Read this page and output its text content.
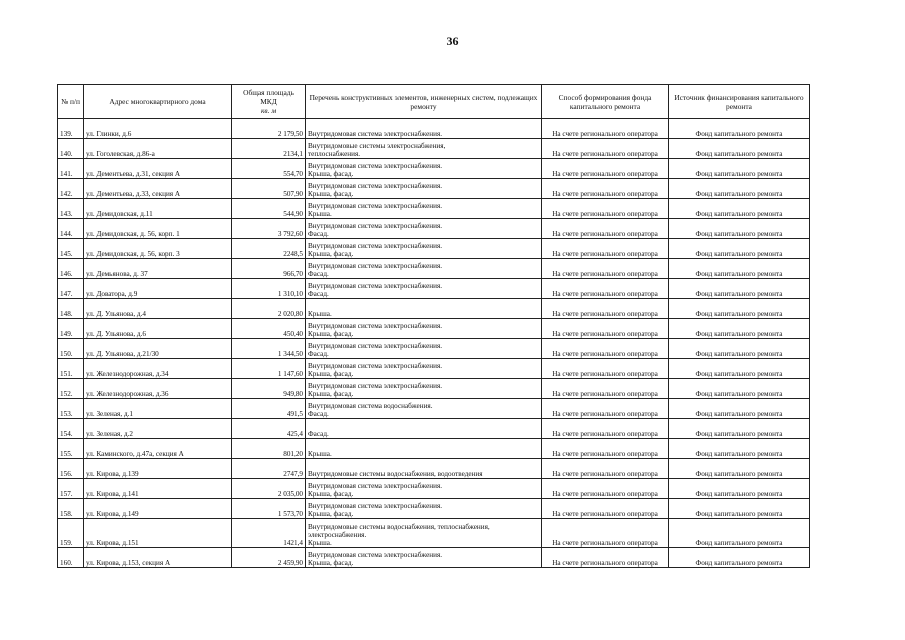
36
№ п/п	Адрес многоквартирного дома	Общая площадь МКД
кв. м	Перечень конструктивных элементов, инженерных систем, подлежащих ремонту	Способ формирования фонда капитального ремонта	Источник финансирования капитального ремонта
139.	ул. Глинки, д.6	2 179,50	Внутридомовая система электроснабжения.	На счете регионального оператора	Фонд капитального ремонта
140.	ул. Гоголевская, д.86-а	2134,1	Внутридомовые системы электроснабжения,
теплоснабжения.	На счете регионального оператора	Фонд капитального ремонта
141.	ул. Дементьева, д.31, секция А	554,70	Внутридомовая система электроснабжения.
Крыша, фасад.	На счете регионального оператора	Фонд капитального ремонта
142.	ул. Дементьева, д.33, секция А	507,90	Внутридомовая система электроснабжения.
Крыша, фасад.	На счете регионального оператора	Фонд капитального ремонта
143.	ул. Демидовская, д.11	544,90	Внутридомовая система электроснабжения.
Крыша.	На счете регионального оператора	Фонд капитального ремонта
144.	ул. Демидовская, д. 56, корп. 1	3 792,60	Внутридомовая система электроснабжения.
Фасад.	На счете регионального оператора	Фонд капитального ремонта
145.	ул. Демидовская, д. 56, корп. 3	2248,5	Внутридомовая система электроснабжения.
Крыша, фасад.	На счете регионального оператора	Фонд капитального ремонта
146.	ул. Демьянова, д. 37	966,70	Внутридомовая система электроснабжения.
Фасад.	На счете регионального оператора	Фонд капитального ремонта
147.	ул. Доватора, д.9	1 310,10	Внутридомовая система электроснабжения.
Фасад.	На счете регионального оператора	Фонд капитального ремонта
148.	ул. Д. Ульянова, д.4	2 020,80	Крыша.	На счете регионального оператора	Фонд капитального ремонта
149.	ул. Д. Ульянова, д.6	450,40	Внутридомовая система электроснабжения.
Крыша, фасад.	На счете регионального оператора	Фонд капитального ремонта
150.	ул. Д. Ульянова, д.21/30	1 344,50	Внутридомовая система электроснабжения.
Фасад.	На счете регионального оператора	Фонд капитального ремонта
151.	ул. Железнодорожная, д.34	1 147,60	Внутридомовая система электроснабжения.
Крыша, фасад.	На счете регионального оператора	Фонд капитального ремонта
152.	ул. Железнодорожная, д.36	949,80	Внутридомовая система электроснабжения.
Крыша, фасад.	На счете регионального оператора	Фонд капитального ремонта
153.	ул. Зеленая, д.1	491,5	Внутридомовая система водоснабжения.
Фасад.	На счете регионального оператора	Фонд капитального ремонта
154.	ул. Зеленая, д.2	425,4	Фасад.	На счете регионального оператора	Фонд капитального ремонта
155.	ул. Каминского, д.47а, секция А	801,20	Крыша.	На счете регионального оператора	Фонд капитального ремонта
156.	ул. Кирова, д.139	2747,9	Внутридомовые системы водоснабжения, водоотведения	На счете регионального оператора	Фонд капитального ремонта
157.	ул. Кирова, д.141	2 035,00	Внутридомовая система электроснабжения.
Крыша, фасад.	На счете регионального оператора	Фонд капитального ремонта
158.	ул. Кирова, д.149	1 573,70	Внутридомовая система электроснабжения.
Крыша, фасад.	На счете регионального оператора	Фонд капитального ремонта
159.	ул. Кирова, д.151	1421,4	Внутридомовые системы водоснабжения, теплоснабжения,
электроснабжения.
Крыша.	На счете регионального оператора	Фонд капитального ремонта
160.	ул. Кирова, д.153, секция А	2 459,90	Внутридомовая система электроснабжения.
Крыша, фасад.	На счете регионального оператора	Фонд капитального ремонта
